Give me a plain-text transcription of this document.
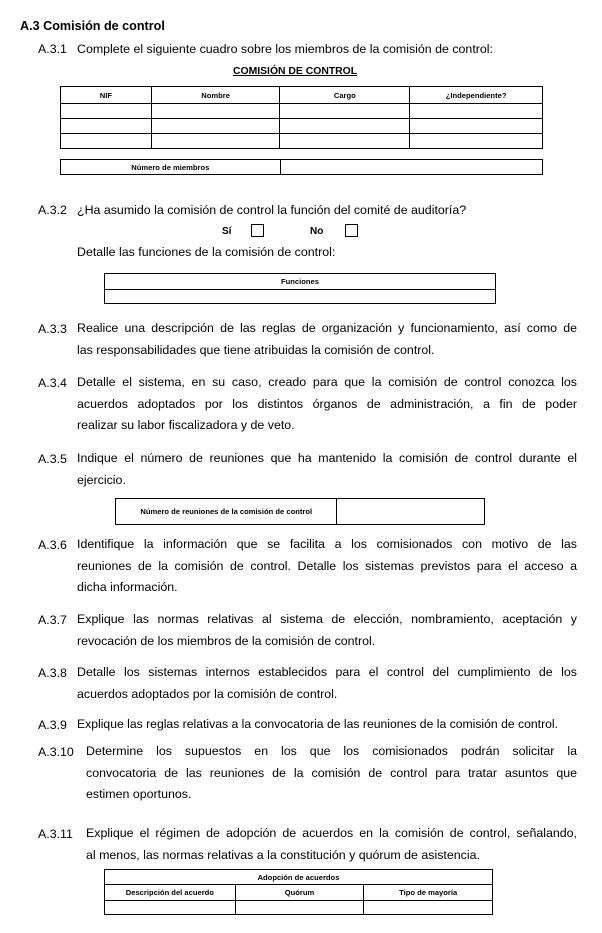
A.3 Comisión de control
A.3.1 Complete el siguiente cuadro sobre los miembros de la comisión de control:
COMISIÓN DE CONTROL
NIF	Nombre	Cargo	¿Independiente?

Número de miembros	
A.3.2 ¿Ha asumido la comisión de control la función del comité de auditoría?
Sí	No
Detalle las funciones de la comisión de control:
Funciones

A.3.3 Realice una descripción de las reglas de organización y funcionamiento, así como de
las responsabilidades que tiene atribuidas la comisión de control.
A.3.4 Detalle el sistema, en su caso, creado para que la comisión de control conozca los
acuerdos adoptados por los distintos órganos de administración, a fin de poder
realizar su labor fiscalizadora y de veto.
A.3.5 Indique el número de reuniones que ha mantenido la comisión de control durante el
ejercicio.
Número de reuniones de la comisión de control	
A.3.6 Identifique la información que se facilita a los comisionados con motivo de las
reuniones de la comisión de control. Detalle los sistemas previstos para el acceso a
dicha información.
A.3.7 Explique las normas relativas al sistema de elección, nombramiento, aceptación y
revocación de los miembros de la comisión de control.
A.3.8 Detalle los sistemas internos establecidos para el control del cumplimiento de los
acuerdos adoptados por la comisión de control.
A.3.9 Explique las reglas relativas a la convocatoria de las reuniones de la comisión de control.
A.3.10 Determine los supuestos en los que los comisionados podrán solicitar la
convocatoria de las reuniones de la comisión de control para tratar asuntos que
estimen oportunos.
A.3.11 Explique el régimen de adopción de acuerdos en la comisión de control, señalando,
al menos, las normas relativas a la constitución y quórum de asistencia.
Adopción de acuerdos		
Descripción del acuerdo	Quórum	Tipo de mayoría
